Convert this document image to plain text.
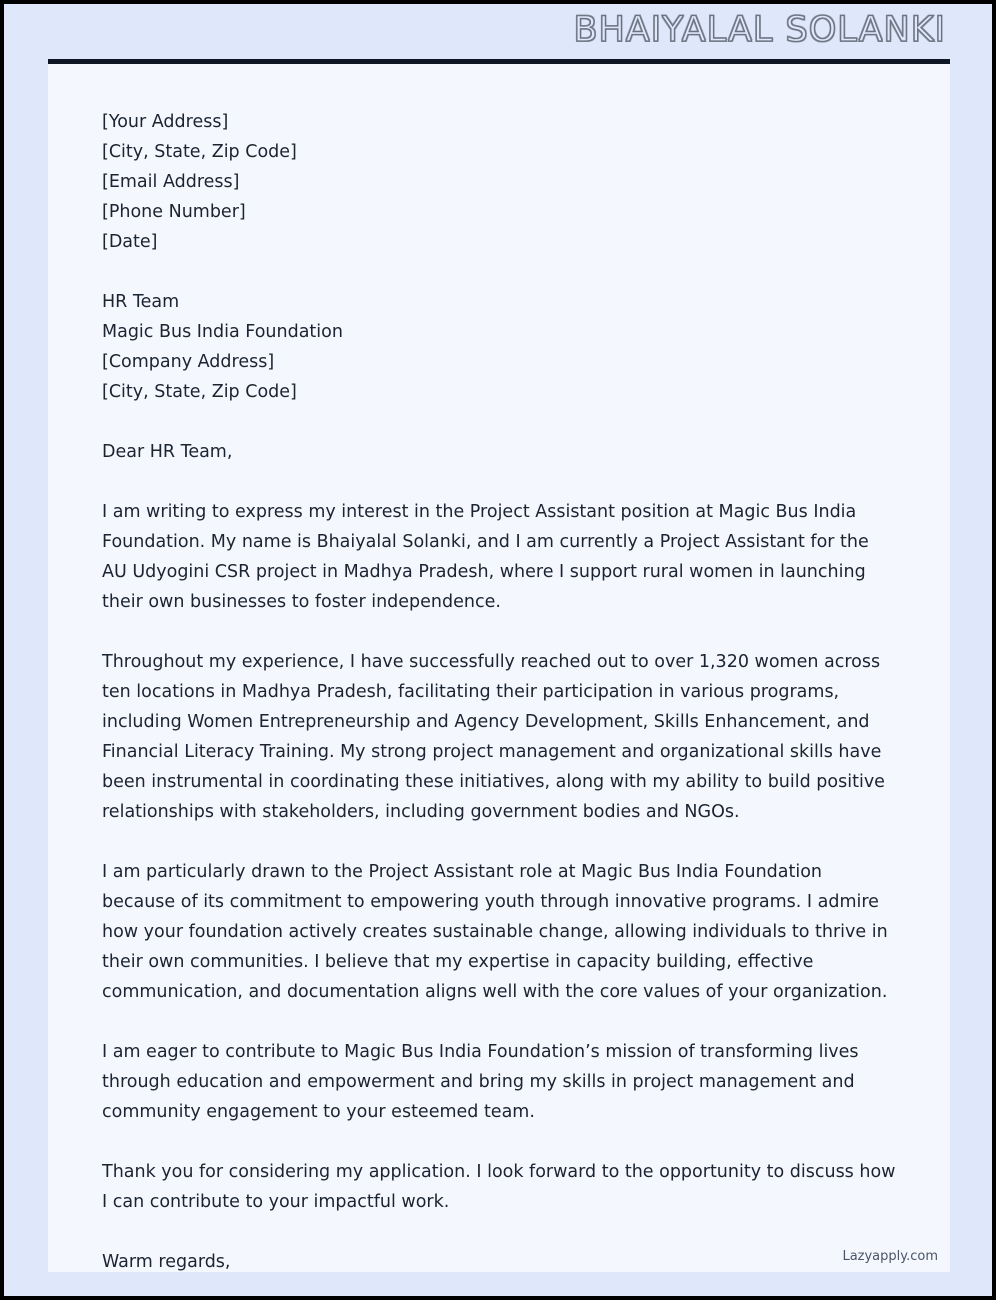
BHAIYALAL SOLANKI
[Your Address]
[City, State, Zip Code]
[Email Address]
[Phone Number]
[Date]
HR Team
Magic Bus India Foundation
[Company Address]
[City, State, Zip Code]

Dear HR Team,

I am writing to express my interest in the Project Assistant position at Magic Bus India Foundation. My name is Bhaiyalal Solanki, and I am currently a Project Assistant for the AU Udyogini CSR project in Madhya Pradesh, where I support rural women in launching their own businesses to foster independence.

Throughout my experience, I have successfully reached out to over 1,320 women across ten locations in Madhya Pradesh, facilitating their participation in various programs, including Women Entrepreneurship and Agency Development, Skills Enhancement, and Financial Literacy Training. My strong project management and organizational skills have been instrumental in coordinating these initiatives, along with my ability to build positive relationships with stakeholders, including government bodies and NGOs.

I am particularly drawn to the Project Assistant role at Magic Bus India Foundation because of its commitment to empowering youth through innovative programs. I admire how your foundation actively creates sustainable change, allowing individuals to thrive in their own communities. I believe that my expertise in capacity building, effective communication, and documentation aligns well with the core values of your organization.

I am eager to contribute to Magic Bus India Foundation’s mission of transforming lives through education and empowerment and bring my skills in project management and community engagement to your esteemed team.

Thank you for considering my application. I look forward to the opportunity to discuss how I can contribute to your impactful work.

Warm regards,	Lazyapply.com
